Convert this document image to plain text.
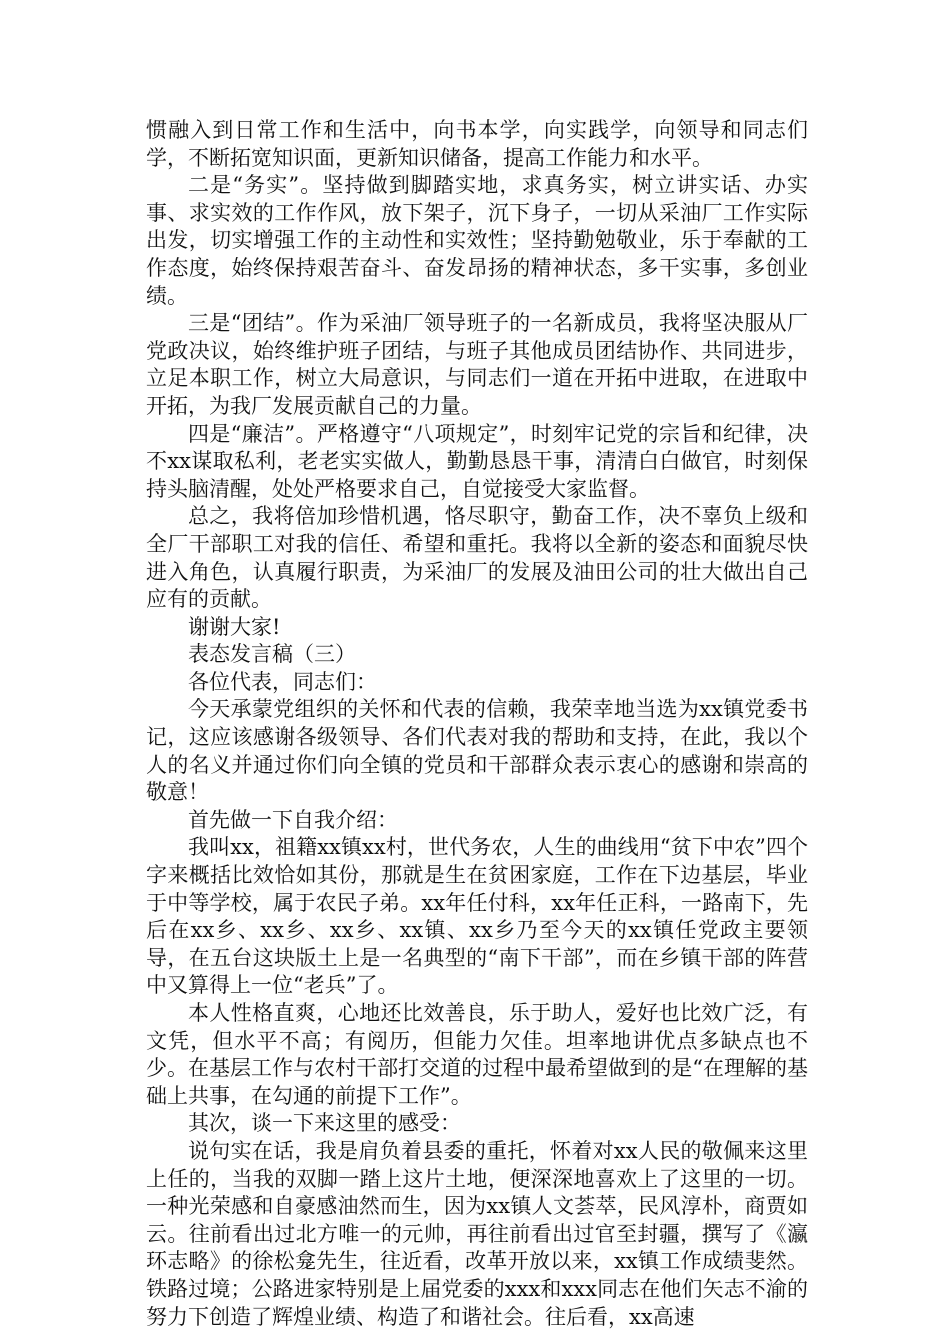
惯融入到日常工作和生活中，向书本学，向实践学，向领导和同志们学，不断拓宽知识面，更新知识储备，提高工作能力和水平。

二是“务实”。坚持做到脚踏实地，求真务实，树立讲实话、办实事、求实效的工作作风，放下架子，沉下身子，一切从采油厂工作实际出发，切实增强工作的主动性和实效性；坚持勤勉敬业，乐于奉献的工作态度，始终保持艰苦奋斗、奋发昂扬的精神状态，多干实事，多创业绩。

三是“团结”。作为采油厂领导班子的一名新成员，我将坚决服从厂党政决议，始终维护班子团结，与班子其他成员团结协作、共同进步，立足本职工作，树立大局意识，与同志们一道在开拓中进取，在进取中开拓，为我厂发展贡献自己的力量。

四是“廉洁”。严格遵守“八项规定”，时刻牢记党的宗旨和纪律，决不xx谋取私利，老老实实做人，勤勤恳恳干事，清清白白做官，时刻保持头脑清醒，处处严格要求自己，自觉接受大家监督。

总之，我将倍加珍惜机遇，恪尽职守，勤奋工作，决不辜负上级和全厂干部职工对我的信任、希望和重托。我将以全新的姿态和面貌尽快进入角色，认真履行职责，为采油厂的发展及油田公司的壮大做出自己应有的贡献。

谢谢大家!

表态发言稿（三）

各位代表，同志们：

今天承蒙党组织的关怀和代表的信赖，我荣幸地当选为xx镇党委书记，这应该感谢各级领导、各们代表对我的帮助和支持，在此，我以个人的名义并通过你们向全镇的党员和干部群众表示衷心的感谢和崇高的敬意！

首先做一下自我介绍：

我叫xx，祖籍xx镇xx村，世代务农，人生的曲线用“贫下中农”四个字来概括比效恰如其份，那就是生在贫困家庭，工作在下边基层，毕业于中等学校，属于农民子弟。xx年任付科，xx年任正科，一路南下，先后在xx乡、xx乡、xx乡、xx镇、xx乡乃至今天的xx镇任党政主要领导，在五台这块版土上是一名典型的“南下干部”，而在乡镇干部的阵营中又算得上一位“老兵”了。

本人性格直爽，心地还比效善良，乐于助人，爱好也比效广泛，有文凭，但水平不高；有阅历，但能力欠佳。坦率地讲优点多缺点也不少。在基层工作与农村干部打交道的过程中最希望做到的是“在理解的基础上共事，在勾通的前提下工作”。

其次，谈一下来这里的感受：

说句实在话，我是肩负着县委的重托，怀着对xx人民的敬佩来这里上任的，当我的双脚一踏上这片土地，便深深地喜欢上了这里的一切。一种光荣感和自豪感油然而生，因为xx镇人文荟萃，民风淳朴，商贾如云。往前看出过北方唯一的元帅，再往前看出过官至封疆，撰写了《瀛环志略》的徐松龛先生，往近看，改革开放以来，xx镇工作成绩斐然。铁路过境；公路进家特别是上届党委的xxx和xxx同志在他们矢志不渝的努力下创造了辉煌业绩、构造了和谐社会。往后看，xx高速
